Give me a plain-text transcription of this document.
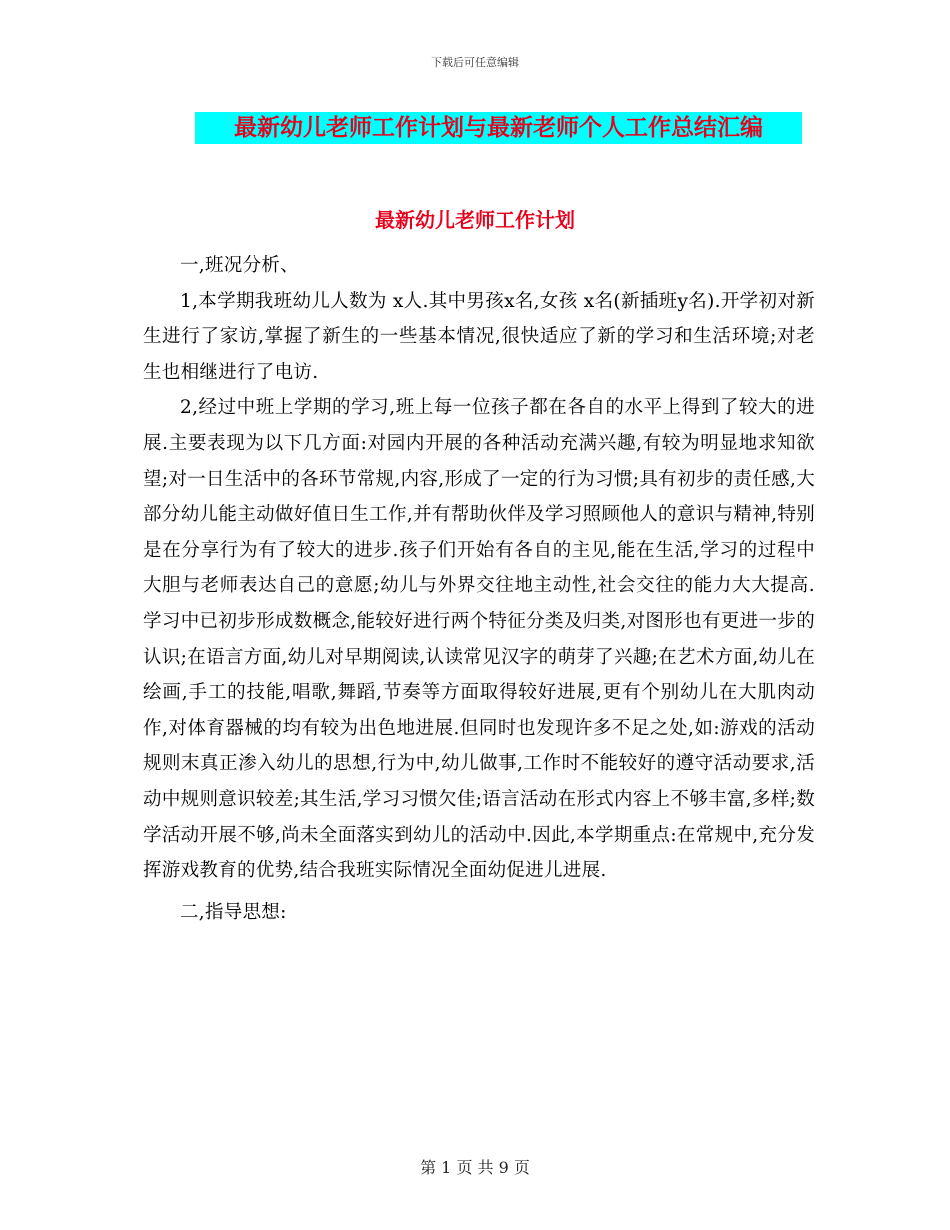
下载后可任意编辑
最新幼儿老师工作计划与最新老师个人工作总结汇编
最新幼儿老师工作计划

一,班况分析、

1,本学期我班幼儿人数为 x人.其中男孩x名,女孩 x名(新插班y名).开学初对新生进行了家访,掌握了新生的一些基本情况,很快适应了新的学习和生活环境;对老生也相继进行了电访.

2,经过中班上学期的学习,班上每一位孩子都在各自的水平上得到了较大的进展.主要表现为以下几方面:对园内开展的各种活动充满兴趣,有较为明显地求知欲望;对一日生活中的各环节常规,内容,形成了一定的行为习惯;具有初步的责任感,大部分幼儿能主动做好值日生工作,并有帮助伙伴及学习照顾他人的意识与精神,特别是在分享行为有了较大的进步.孩子们开始有各自的主见,能在生活,学习的过程中大胆与老师表达自己的意愿;幼儿与外界交往地主动性,社会交往的能力大大提高.学习中已初步形成数概念,能较好进行两个特征分类及归类,对图形也有更进一步的认识;在语言方面,幼儿对早期阅读,认读常见汉字的萌芽了兴趣;在艺术方面,幼儿在绘画,手工的技能,唱歌,舞蹈,节奏等方面取得较好进展,更有个别幼儿在大肌肉动作,对体育器械的均有较为出色地进展.但同时也发现许多不足之处,如:游戏的活动规则末真正渗入幼儿的思想,行为中,幼儿做事,工作时不能较好的遵守活动要求,活动中规则意识较差;其生活,学习习惯欠佳;语言活动在形式内容上不够丰富,多样;数学活动开展不够,尚未全面落实到幼儿的活动中.因此,本学期重点:在常规中,充分发挥游戏教育的优势,结合我班实际情况全面幼促进儿进展.

二,指导思想:

第 1 页 共 9 页
